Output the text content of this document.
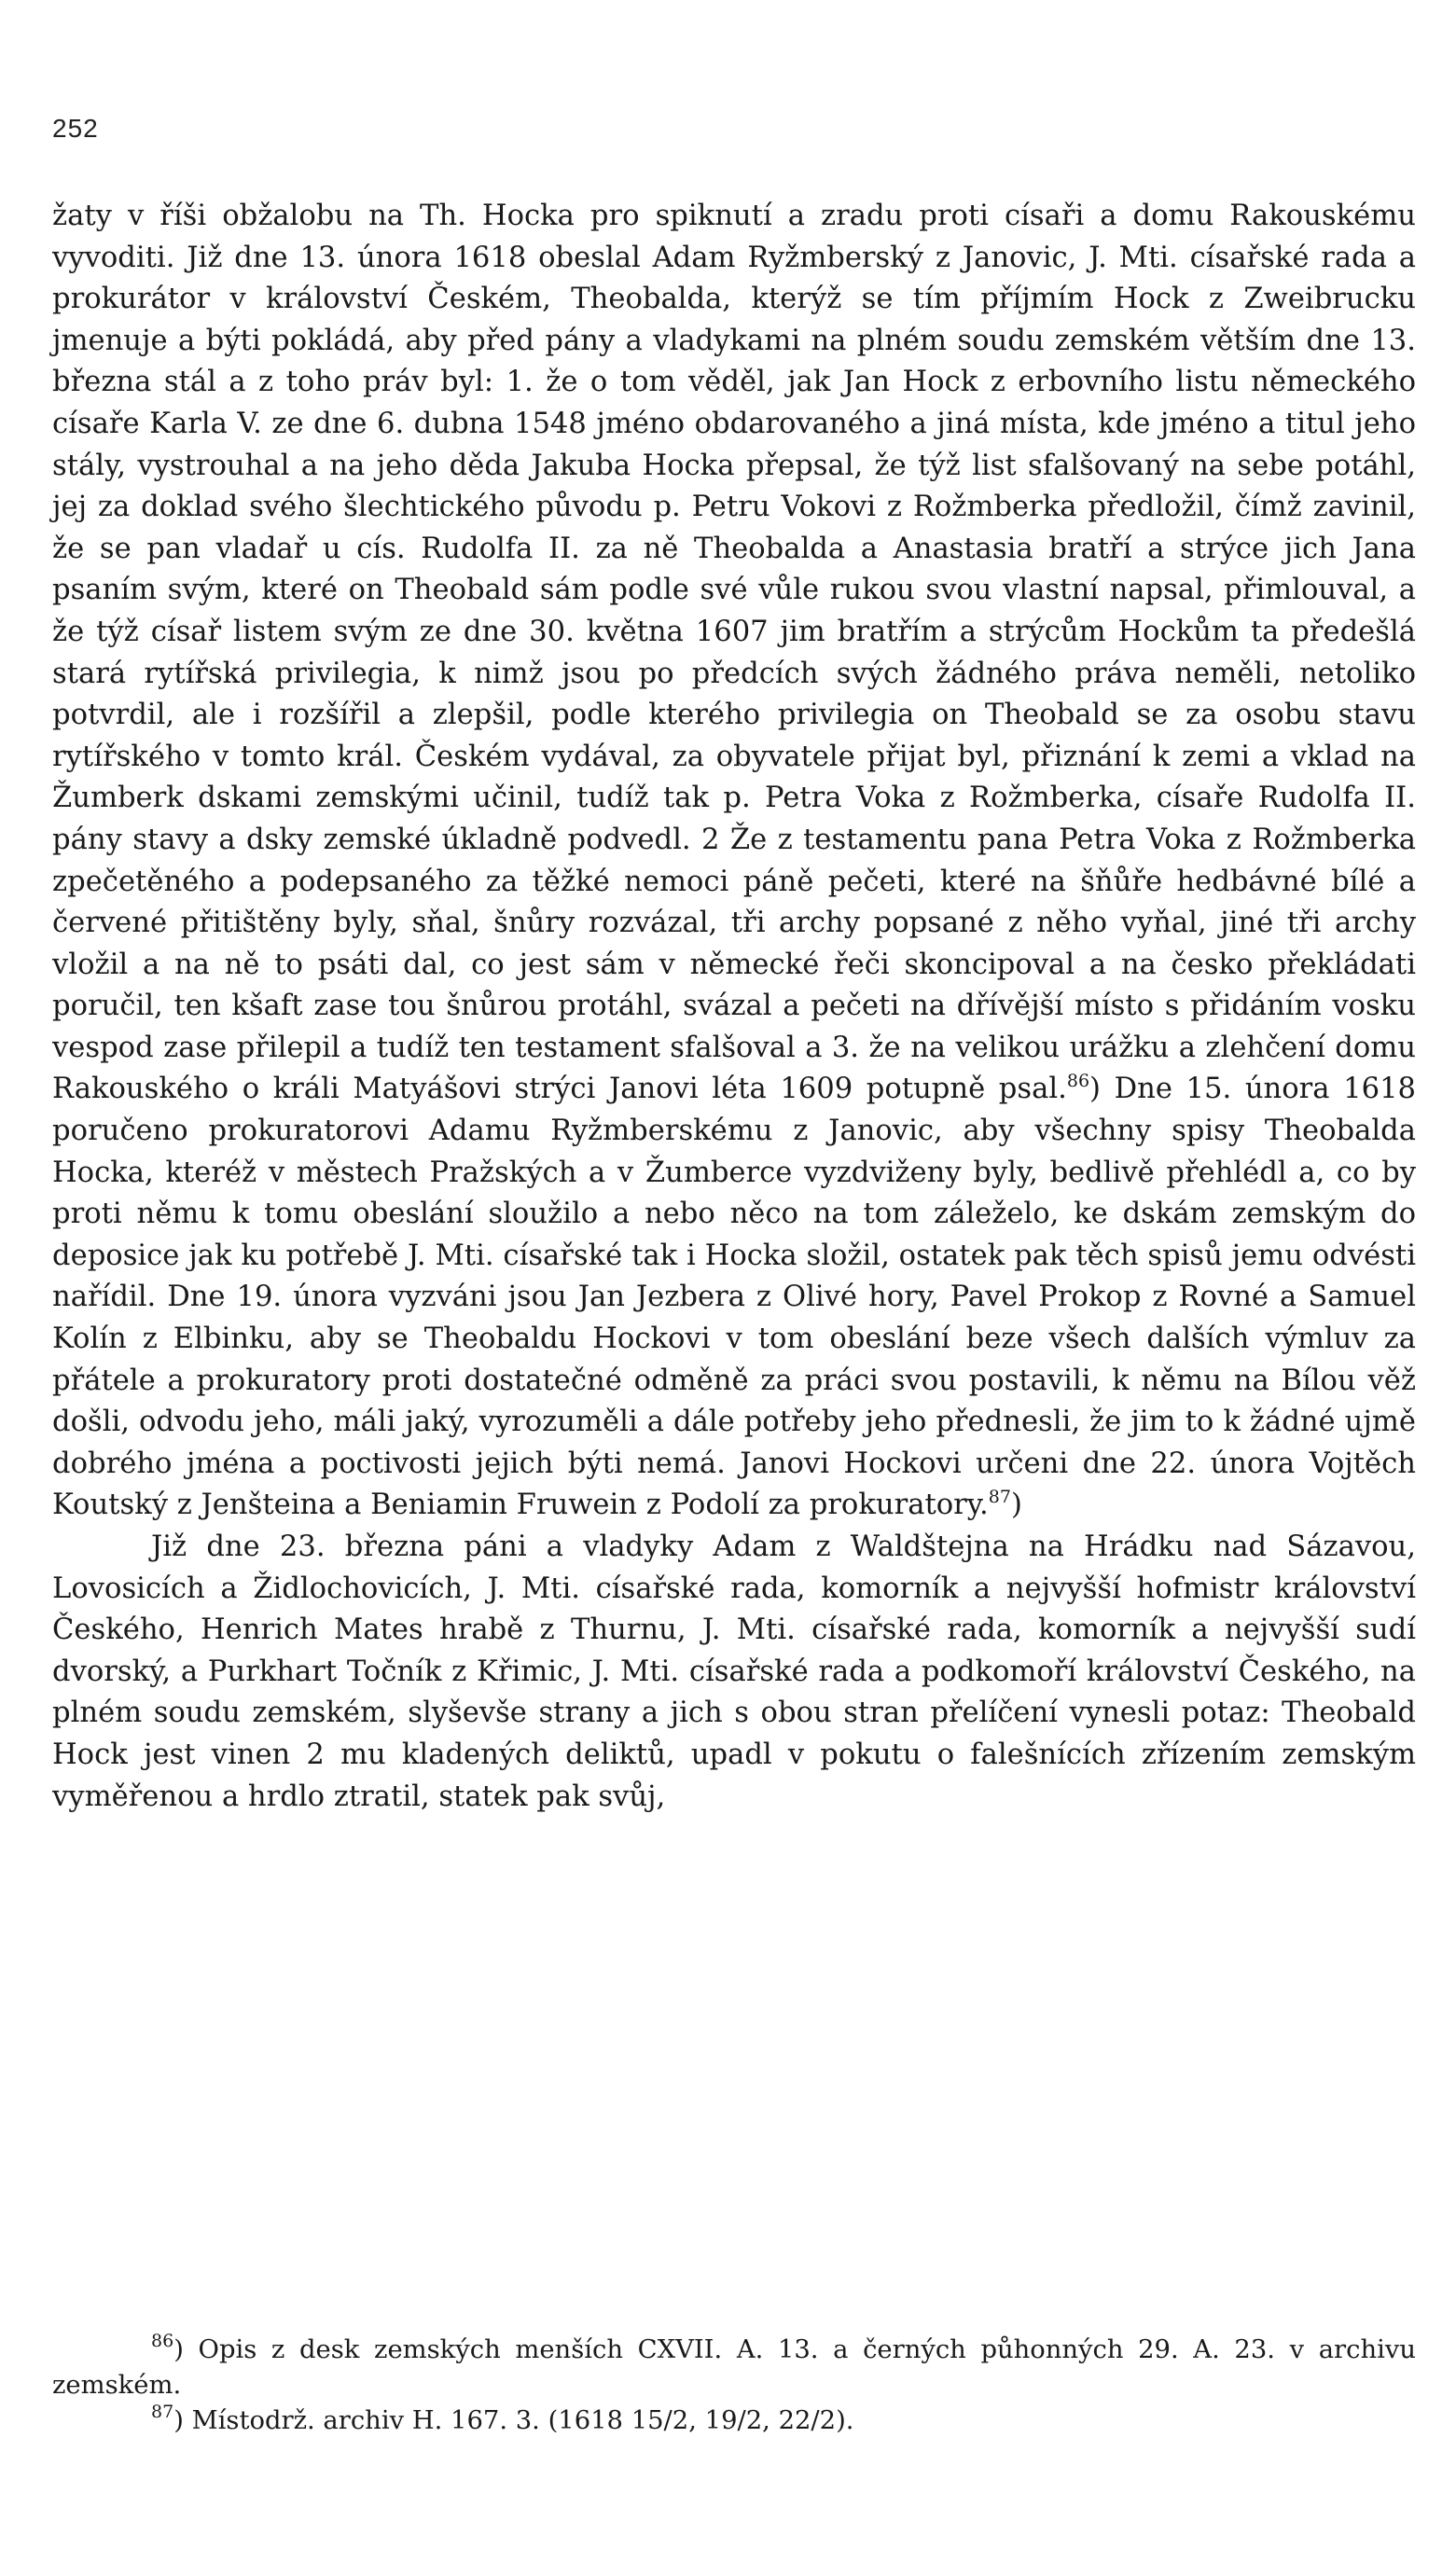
252

žaty v říši obžalobu na Th. Hocka pro spiknutí a zradu proti císaři a domu Rakouskému vyvoditi. Již dne 13. února 1618 obeslal Adam Ryžmberský z Janovic, J. Mti. císařské rada a prokurátor v království Českém, Theobalda, kterýž se tím příjmím Hock z Zweibrucku jmenuje a býti pokládá, aby před pány a vladykami na plném soudu zemském větším dne 13. března stál a z toho práv byl: 1. že o tom věděl, jak Jan Hock z erbovního listu německého císaře Karla V. ze dne 6. dubna 1548 jméno obdarovaného a jiná místa, kde jméno a titul jeho stály, vystrouhal a na jeho děda Jakuba Hocka přepsal, že týž list sfalšovaný na sebe potáhl, jej za doklad svého šlechtického původu p. Petru Vokovi z Rožmberka předložil, čímž zavinil, že se pan vladař u cís. Rudolfa II. za ně Theobalda a Anastasia bratří a strýce jich Jana psaním svým, které on Theobald sám podle své vůle rukou svou vlastní napsal, přimlouval, a že týž císař listem svým ze dne 30. května 1607 jim bratřím a strýcům Hockům ta předešlá stará rytířská privilegia, k nimž jsou po předcích svých žádného práva neměli, netoliko potvrdil, ale i rozšířil a zlepšil, podle kterého privilegia on Theobald se za osobu stavu rytířského v tomto král. Českém vydával, za obyvatele přijat byl, přiznání k zemi a vklad na Žumberk dskami zemskými učinil, tudíž tak p. Petra Voka z Rožmberka, císaře Rudolfa II. pány stavy a dsky zemské úkladně podvedl. 2 Že z testamentu pana Petra Voka z Rožmberka zpečetěného a podepsaného za těžké nemoci páně pečeti, které na šňůře hedbávné bílé a červené přitištěny byly, sňal, šnůry rozvázal, tři archy popsané z něho vyňal, jiné tři archy vložil a na ně to psáti dal, co jest sám v německé řeči skoncipoval a na česko překládati poručil, ten kšaft zase tou šnůrou protáhl, svázal a pečeti na dřívější místo s přidáním vosku vespod zase přilepil a tudíž ten testament sfalšoval a 3. že na velikou urážku a zlehčení domu Rakouského o králi Matyášovi strýci Janovi léta 1609 potupně psal.$^{86}$) Dne 15. února 1618 poručeno prokuratorovi Adamu Ryžmberskému z Janovic, aby všechny spisy Theobalda Hocka, kteréž v městech Pražských a v Žumberce vyzdviženy byly, bedlivě přehlédl a, co by proti němu k tomu obeslání sloužilo a nebo něco na tom záleželo, ke dskám zemským do deposice jak ku potřebě J. Mti. císařské tak i Hocka složil, ostatek pak těch spisů jemu odvésti nařídil. Dne 19. února vyzváni jsou Jan Jezbera z Olivé hory, Pavel Prokop z Rovné a Samuel Kolín z Elbinku, aby se Theobaldu Hockovi v tom obeslání beze všech dalších výmluv za přátele a prokuratory proti dostatečné odměně za práci svou postavili, k němu na Bílou věž došli, odvodu jeho, máli jaký, vyrozuměli a dále potřeby jeho přednesli, že jim to k žádné ujmě dobrého jména a poctivosti jejich býti nemá. Janovi Hockovi určeni dne 22. února Vojtěch Koutský z Jenšteina a Beniamin Fruwein z Podolí za prokuratory.$^{87}$)

Již dne 23. března páni a vladyky Adam z Waldštejna na Hrádku nad Sázavou, Lovosicích a Židlochovicích, J. Mti. císařské rada, komorník a nejvyšší hofmistr království Českého, Henrich Mates hrabě z Thurnu, J. Mti. císařské rada, komorník a nejvyšší sudí dvorský, a Purkhart Točník z Křimic, J. Mti. císařské rada a podkomoří království Českého, na plném soudu zemském, slyševše strany a jich s obou stran přelíčení vynesli potaz: Theobald Hock jest vinen 2 mu kladených deliktů, upadl v pokutu o falešnících zřízením zemským vyměřenou a hrdlo ztratil, statek pak svůj,

$^{86}$) Opis z desk zemských menších CXVII. A. 13. a černých půhonných 29. A. 23. v archivu zemském.

$^{87}$) Místodrž. archiv H. 167. 3. (1618 15/2, 19/2, 22/2).
